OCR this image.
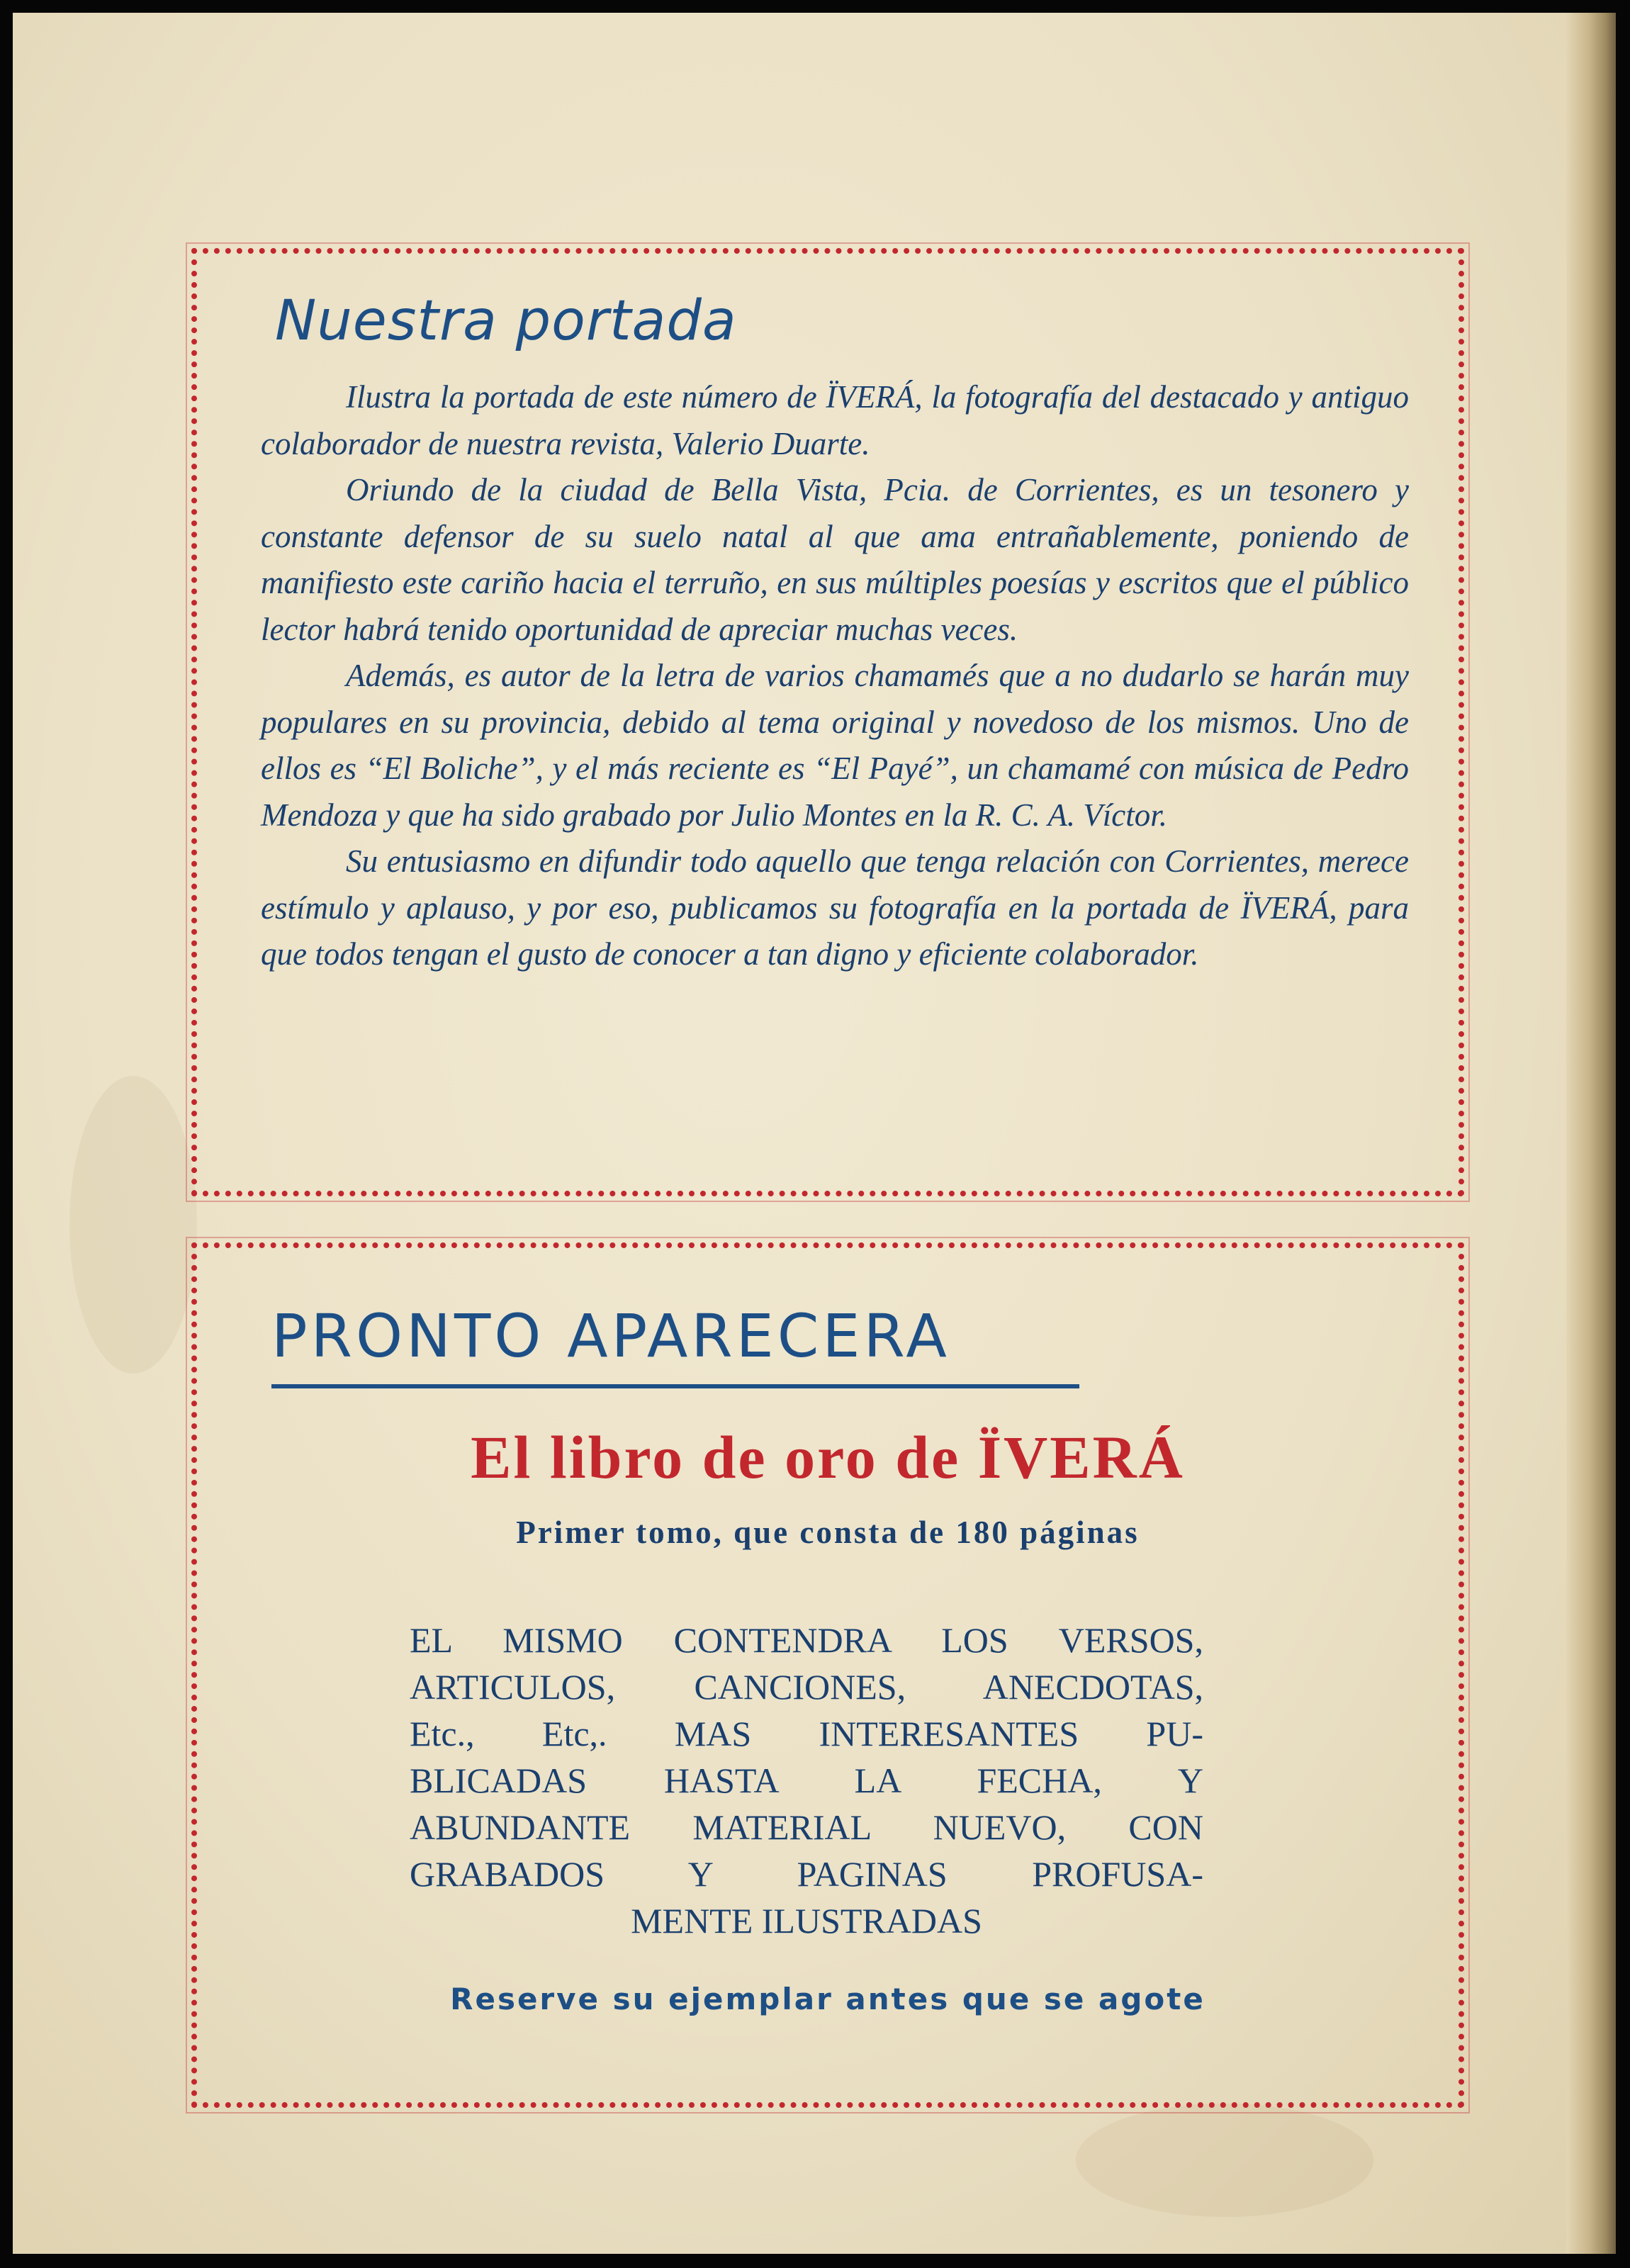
Nuestra portada

Ilustra la portada de este número de ÏVERÁ, la fotografía del destacado y antiguo colaborador de nuestra revista, Valerio Duarte.

Oriundo de la ciudad de Bella Vista, Pcia. de Corrientes, es un tesonero y constante defensor de su suelo natal al que ama entrañablemente, poniendo de manifiesto este cariño hacia el terruño, en sus múltiples poesías y escritos que el público lector habrá tenido oportunidad de apreciar muchas veces.

Además, es autor de la letra de varios chamamés que a no dudarlo se harán muy populares en su provincia, debido al tema original y novedoso de los mismos. Uno de ellos es “El Boliche”, y el más reciente es “El Payé”, un chamamé con música de Pedro Mendoza y que ha sido grabado por Julio Montes en la R. C. A. Víctor.

Su entusiasmo en difundir todo aquello que tenga relación con Corrientes, merece estímulo y aplauso, y por eso, publicamos su fotografía en la portada de ÏVERÁ, para que todos tengan el gusto de conocer a tan digno y eficiente colaborador.

PRONTO APARECERA
El libro de oro de ÏVERÁ
Primer tomo, que consta de 180 páginas
EL MISMO CONTENDRA LOS VERSOS,
ARTICULOS, CANCIONES, ANECDOTAS,
Etc., Etc,. MAS INTERESANTES PU-
BLICADAS HASTA LA FECHA, Y
ABUNDANTE MATERIAL NUEVO, CON
GRABADOS Y PAGINAS PROFUSA-
MENTE ILUSTRADAS
Reserve su ejemplar antes que se agote
